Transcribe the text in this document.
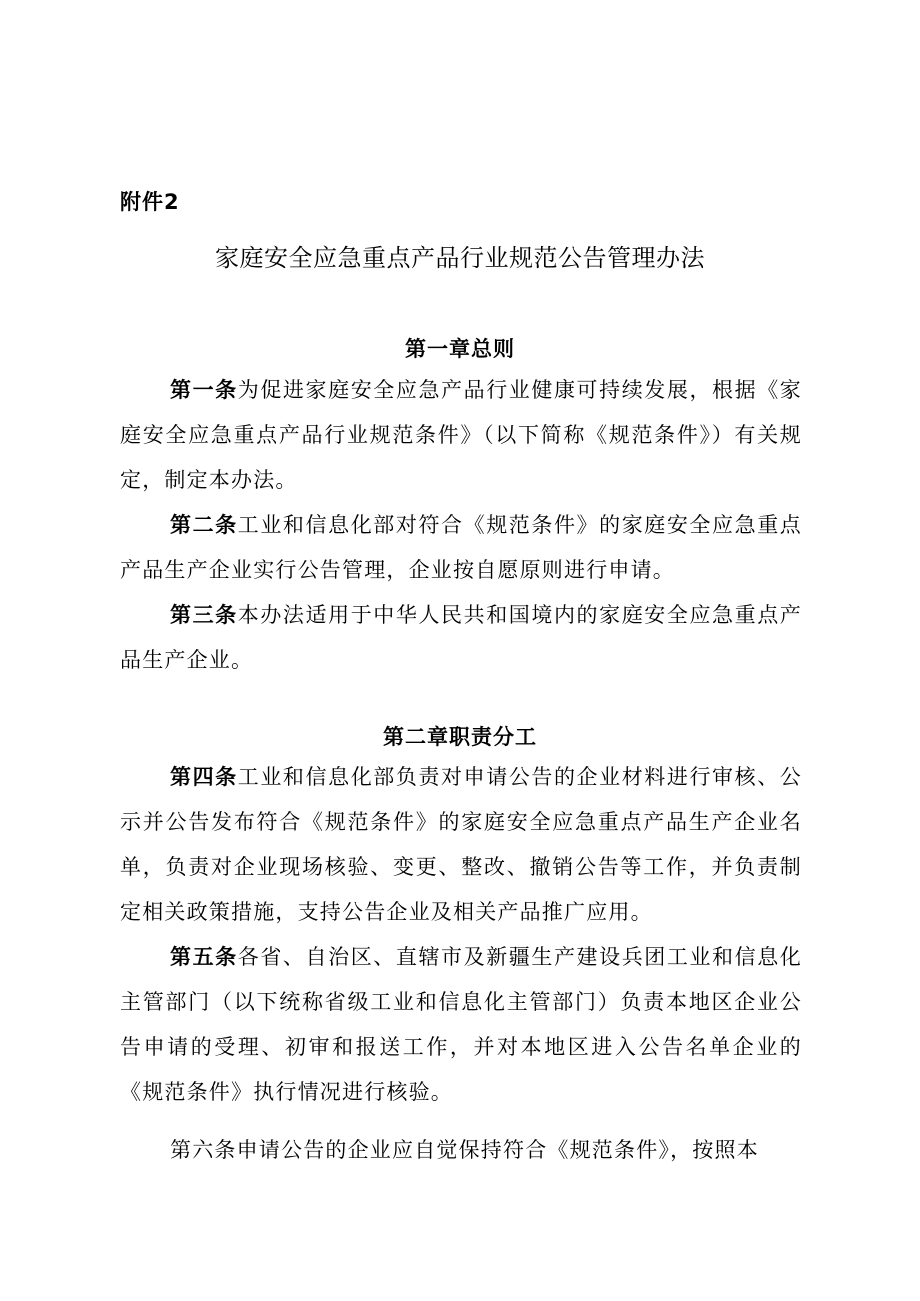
附件2
家庭安全应急重点产品行业规范公告管理办法
第一章总则

第一条为促进家庭安全应急产品行业健康可持续发展，根据《家庭安全应急重点产品行业规范条件》（以下简称《规范条件》）有关规定，制定本办法。

第二条工业和信息化部对符合《规范条件》的家庭安全应急重点产品生产企业实行公告管理，企业按自愿原则进行申请。

第三条本办法适用于中华人民共和国境内的家庭安全应急重点产品生产企业。

第二章职责分工

第四条工业和信息化部负责对申请公告的企业材料进行审核、公示并公告发布符合《规范条件》的家庭安全应急重点产品生产企业名单，负责对企业现场核验、变更、整改、撤销公告等工作，并负责制定相关政策措施，支持公告企业及相关产品推广应用。

第五条各省、自治区、直辖市及新疆生产建设兵团工业和信息化主管部门（以下统称省级工业和信息化主管部门）负责本地区企业公告申请的受理、初审和报送工作，并对本地区进入公告名单企业的《规范条件》执行情况进行核验。

第六条申请公告的企业应自觉保持符合《规范条件》，按照本
